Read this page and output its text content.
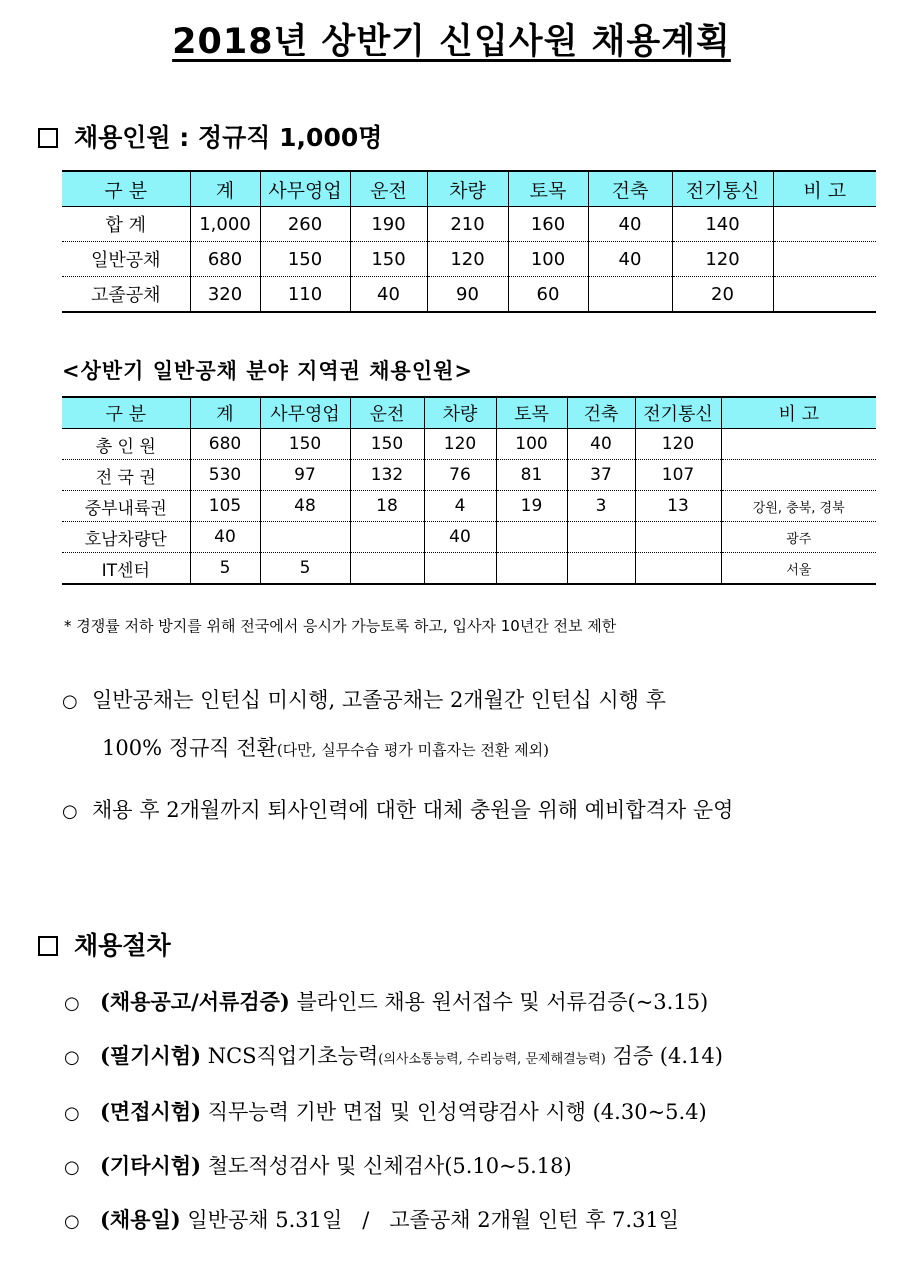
2018년 상반기 신입사원 채용계획
채용인원 : 정규직 1,000명
구 분	계	사무영업	운전	차량	토목	건축	전기통신	비 고
합 계	1,000	260	190	210	160	40	140	
일반공채	680	150	150	120	100	40	120	
고졸공채	320	110	40	90	60		20	
<상반기 일반공채 분야 지역권 채용인원>
구 분	계	사무영업	운전	차량	토목	건축	전기통신	비 고
총 인 원	680	150	150	120	100	40	120	
전 국 권	530	97	132	76	81	37	107	
중부내륙권	105	48	18	4	19	3	13	강원, 충북, 경북
호남차량단	40			40				광주
IT센터	5	5						서울
* 경쟁률 저하 방지를 위해 전국에서 응시가 가능토록 하고, 입사자 10년간 전보 제한
○ 일반공채는 인턴십 미시행, 고졸공채는 2개월간 인턴십 시행 후
100% 정규직 전환(다만, 실무수습 평가 미흡자는 전환 제외)
○ 채용 후 2개월까지 퇴사인력에 대한 대체 충원을 위해 예비합격자 운영
채용절차
○ (채용공고/서류검증) 블라인드 채용 원서접수 및 서류검증(~3.15)
○ (필기시험) NCS직업기초능력(의사소통능력, 수리능력, 문제해결능력) 검증 (4.14)
○ (면접시험) 직무능력 기반 면접 및 인성역량검사 시행 (4.30~5.4)
○ (기타시험) 철도적성검사 및 신체검사(5.10~5.18)
○ (채용일) 일반공채 5.31일   /   고졸공채 2개월 인턴 후 7.31일
